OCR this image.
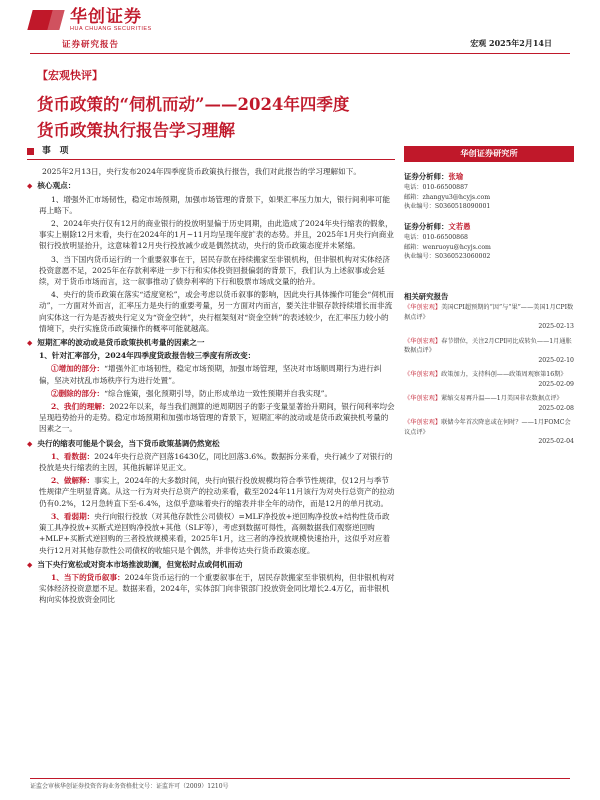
华创证券
HUA CHUANG SECURITIES
证券研究报告	宏观 2025年2月14日
【宏观快评】
货币政策的“伺机而动”——2024年四季度
货币政策执行报告学习理解
事　项
2025年2月13日，央行发布2024年四季度货币政策执行报告，我们对此报告的学习理解如下。
◆ 核心观点：
1、增强外汇市场韧性，稳定市场预期，加强市场管理的背景下，如果汇率压力加大，银行间利率可能再上略下。
2、2024年央行仅有12月的商业银行的投放明显偏于历史同期，由此造成了2024年央行缩表的假象，事实上剔除12月末看，央行在2024年的1月~11月均呈现年度扩表的态势。并且，2025年1月央行向商业银行投放明显抬升，这意味着12月央行投放减少或是偶然扰动，央行的货币政策态度并未紧缩。
3、当下国内货币运行的一个重要叙事在于，居民存款在持续搬家至非银机构，但非银机构对实体经济投资意愿不足，2025年在存款利率进一步下行和实体投资回报偏弱的背景下，我们认为上述叙事或会延续，对于货币市场而言，这一叙事推动了债券利率的下行和股票市场成交量的抬升。
4、央行的货币政策在落实“适度宽松”，或会考虑以货币叙事的影响，因此央行具体操作可能会“伺机而动”，一方面对外而言，汇率压力是央行的重要考量，另一方面对内而言，要关注非银存款持续增长而非流向实体这一行为是否被央行定义为“资金空转”，央行框架刻对“资金空转”的表述较少，在汇率压力较小的情境下，央行实施货币政策操作的概率可能就越高。
◆ 短期汇率的波动或是货币政策抉机考量的因素之一
1、针对汇率部分，2024年四季度货政报告较三季度有所改变：
①增加的部分：“增强外汇市场韧性，稳定市场预期，加强市场管理，坚决对市场顺周期行为进行纠偏，坚决对扰乱市场秩序行为进行处置”。
②删除的部分：“综合施策，强化预期引导，防止形成单边一致性预期并自我实现”。
2、我们的理解：2022年以来，每当我们测算的逆周期因子的影子变量显著抬升期间，银行间利率均会呈现趋势抬升的走势。稳定市场预期和加强市场管理的背景下，短期汇率的波动或是货币政策抉机考量的因素之一。
◆ 央行的缩表可能是个误会，当下货币政策基调仍然宽松
1、看数据：2024年央行总资产回落16430亿，同比回落3.6%。数据拆分来看，央行减少了对银行的投放是央行缩表的主因，其他拆解详见正文。
2、做解释：事实上，2024年的大多数时间，央行向银行投放规模均符合季节性规律，仅12月与季节性规律产生明显背离。从这一行为对央行总资产的拉动来看，截至2024年11月该行为对央行总资产的拉动仍有0.2%，12月急转直下至-6.4%，这似乎意味着央行的缩表并非全年的动作，而是12月的单月扰动。
3、看弱期：央行向银行投放（对其他存款性公司债权）=MLF净投放+逆回购净投放+结构性货币政策工具净投放+买断式逆回购净投放+其他（SLF等），考虑到数据可得性，高频数据我们观察逆回购+MLF+买断式逆回购的三者投放规模来看，2025年1月，这三者的净投放规模快速抬升，这似乎对应着央行12月对其他存款性公司债权的收缩只是个偶然，并非传达央行货币政策态度。
◆ 当下央行宽松或对资本市场推波助澜，但宽松时点或伺机而动
1、当下的货币叙事：2024年货币运行的一个重要叙事在于，居民存款搬家至非银机构，但非银机构对实体经济投资意愿不足。数据来看，2024年，实体部门向非银部门投放资金同比增长2.4万亿，而非银机构向实体投放资金同比
华创证券研究所
证券分析师：张瑜
电话：010-66500887
邮箱：zhangyu3@hcyjs.com
执业编号：S0360518090001
证券分析师：文若愚
电话：010-66500868
邮箱：wenruoyu@hcyjs.com
执业编号：S0360523060002
相关研究报告
《华创宏观】美国CPI超预期的“因”与“果”——美国1月CPI数据点评》
2025-02-13
《华创宏观】春节错位，关注2月CPI同比成转负——1月通胀数据点评》
2025-02-10
《华创宏观】政策加力，支持科创——政策周观察第16期》
2025-02-09
《华创宏观】紧缩交易再升温——1月美国非农数据点评》
2025-02-08
《华创宏观】联储今年首次降息或在何时？——1月FOMC会议点评》
2025-02-04
证监会审核华创证券投资咨询业务资格批文号：证监许可（2009）1210号
